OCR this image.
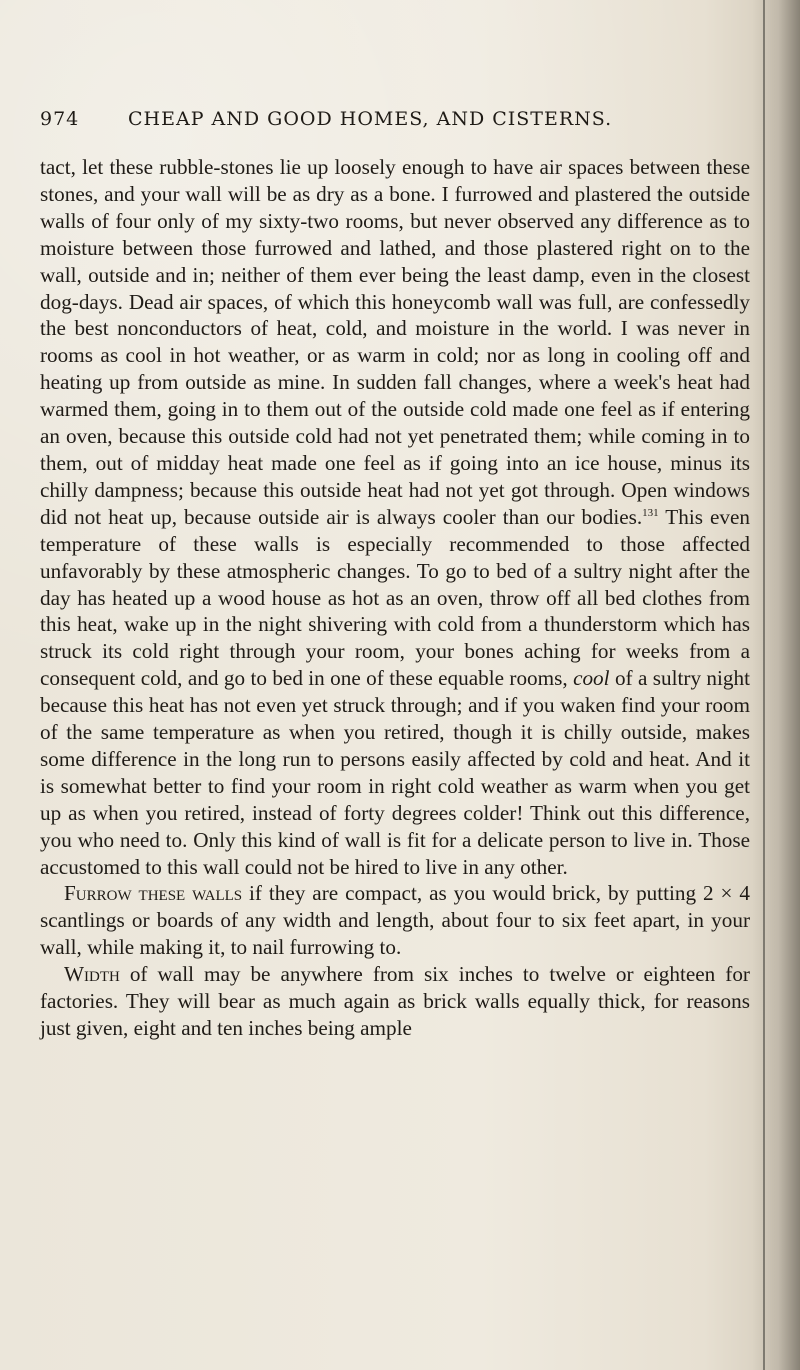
974	CHEAP AND GOOD HOMES, AND CISTERNS.

tact, let these rubble-stones lie up loosely enough to have air spaces between these stones, and your wall will be as dry as a bone. I furrowed and plastered the outside walls of four only of my sixty-two rooms, but never observed any difference as to moisture between those furrowed and lathed, and those plastered right on to the wall, outside and in; neither of them ever being the least damp, even in the closest dog-days. Dead air spaces, of which this honeycomb wall was full, are confessedly the best nonconductors of heat, cold, and moisture in the world. I was never in rooms as cool in hot weather, or as warm in cold; nor as long in cooling off and heating up from outside as mine. In sudden fall changes, where a week's heat had warmed them, going in to them out of the outside cold made one feel as if entering an oven, because this outside cold had not yet penetrated them; while coming in to them, out of midday heat made one feel as if going into an ice house, minus its chilly dampness; because this outside heat had not yet got through. Open windows did not heat up, because outside air is always cooler than our bodies.$^{131}$ This even temperature of these walls is especially recommended to those affected unfavorably by these atmospheric changes. To go to bed of a sultry night after the day has heated up a wood house as hot as an oven, throw off all bed clothes from this heat, wake up in the night shivering with cold from a thunderstorm which has struck its cold right through your room, your bones aching for weeks from a consequent cold, and go to bed in one of these equable rooms, cool of a sultry night because this heat has not even yet struck through; and if you waken find your room of the same temperature as when you retired, though it is chilly outside, makes some difference in the long run to persons easily affected by cold and heat. And it is somewhat better to find your room in right cold weather as warm when you get up as when you retired, instead of forty degrees colder! Think out this difference, you who need to. Only this kind of wall is fit for a delicate person to live in. Those accustomed to this wall could not be hired to live in any other.

Furrow these walls if they are compact, as you would brick, by putting 2 × 4 scantlings or boards of any width and length, about four to six feet apart, in your wall, while making it, to nail furrowing to.

Width of wall may be anywhere from six inches to twelve or eighteen for factories. They will bear as much again as brick walls equally thick, for reasons just given, eight and ten inches being ample
